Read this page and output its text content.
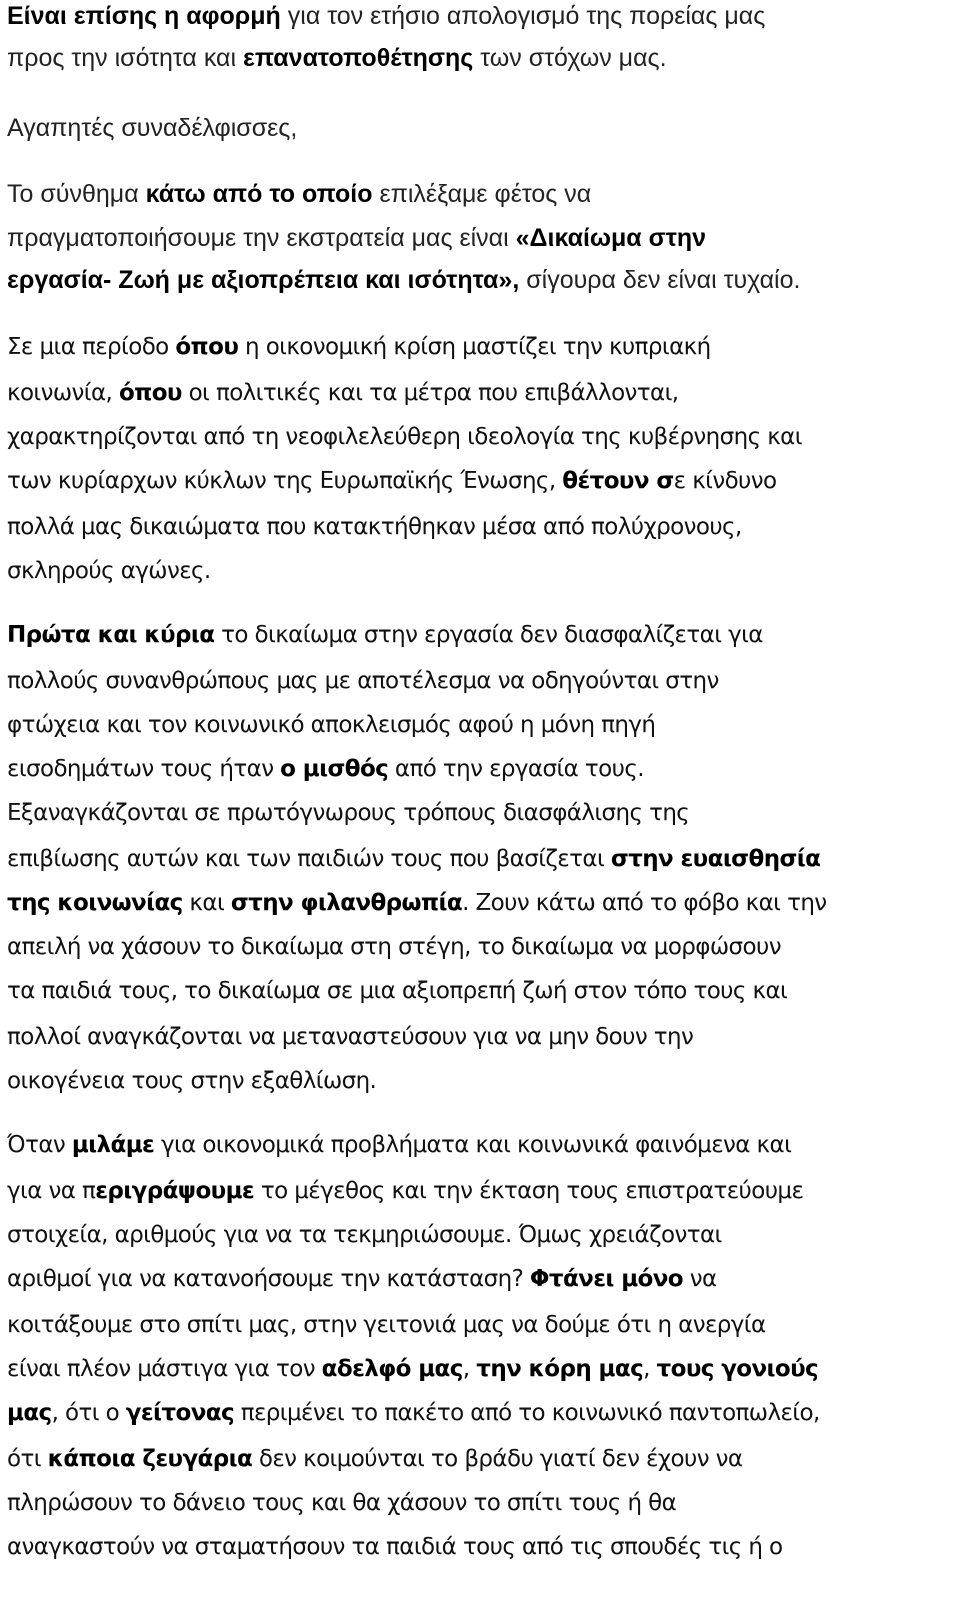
Είναι επίσης η αφορμή για τον ετήσιο απολογισμό της πορείας μας

προς την ισότητα και επανατοποθέτησης των στόχων μας.

Αγαπητές συναδέλφισσες,

Το σύνθημα κάτω από το οποίο επιλέξαμε φέτος να

πραγματοποιήσουμε την εκστρατεία μας είναι «Δικαίωμα στην

εργασία- Ζωή με αξιοπρέπεια και ισότητα», σίγουρα δεν είναι τυχαίο.

Σε μια περίοδο όπου η οικονομική κρίση μαστίζει την κυπριακή

κοινωνία, όπου οι πολιτικές και τα μέτρα που επιβάλλονται,

χαρακτηρίζονται από τη νεοφιλελεύθερη ιδεολογία της κυβέρνησης και

των κυρίαρχων κύκλων της Ευρωπαϊκής Ένωσης, θέτουν σε κίνδυνο

πολλά μας δικαιώματα που κατακτήθηκαν μέσα από πολύχρονους,

σκληρούς αγώνες.

Πρώτα και κύρια το δικαίωμα στην εργασία δεν διασφαλίζεται για

πολλούς συνανθρώπους μας με αποτέλεσμα να οδηγούνται στην

φτώχεια και τον κοινωνικό αποκλεισμός αφού η μόνη πηγή

εισοδημάτων τους ήταν ο μισθός από την εργασία τους.

Εξαναγκάζονται σε πρωτόγνωρους τρόπους διασφάλισης της

επιβίωσης αυτών και των παιδιών τους που βασίζεται στην ευαισθησία

της κοινωνίας και στην φιλανθρωπία. Ζουν κάτω από το φόβο και την

απειλή να χάσουν το δικαίωμα στη στέγη, το δικαίωμα να μορφώσουν

τα παιδιά τους, το δικαίωμα σε μια αξιοπρεπή ζωή στον τόπο τους και

πολλοί αναγκάζονται να μεταναστεύσουν για να μην δουν την

οικογένεια τους στην εξαθλίωση.

Όταν μιλάμε για οικονομικά προβλήματα και κοινωνικά φαινόμενα και

για να περιγράψουμε το μέγεθος και την έκταση τους επιστρατεύουμε

στοιχεία, αριθμούς για να τα τεκμηριώσουμε. Όμως χρειάζονται

αριθμοί για να κατανοήσουμε την κατάσταση? Φτάνει μόνο να

κοιτάξουμε στο σπίτι μας, στην γειτονιά μας να δούμε ότι η ανεργία

είναι πλέον μάστιγα για τον αδελφό μας, την κόρη μας, τους γονιούς

μας, ότι ο γείτονας περιμένει το πακέτο από το κοινωνικό παντοπωλείο,

ότι κάποια ζευγάρια δεν κοιμούνται το βράδυ γιατί δεν έχουν να

πληρώσουν το δάνειο τους και θα χάσουν το σπίτι τους ή θα

αναγκαστούν να σταματήσουν τα παιδιά τους από τις σπουδές τις ή ο
